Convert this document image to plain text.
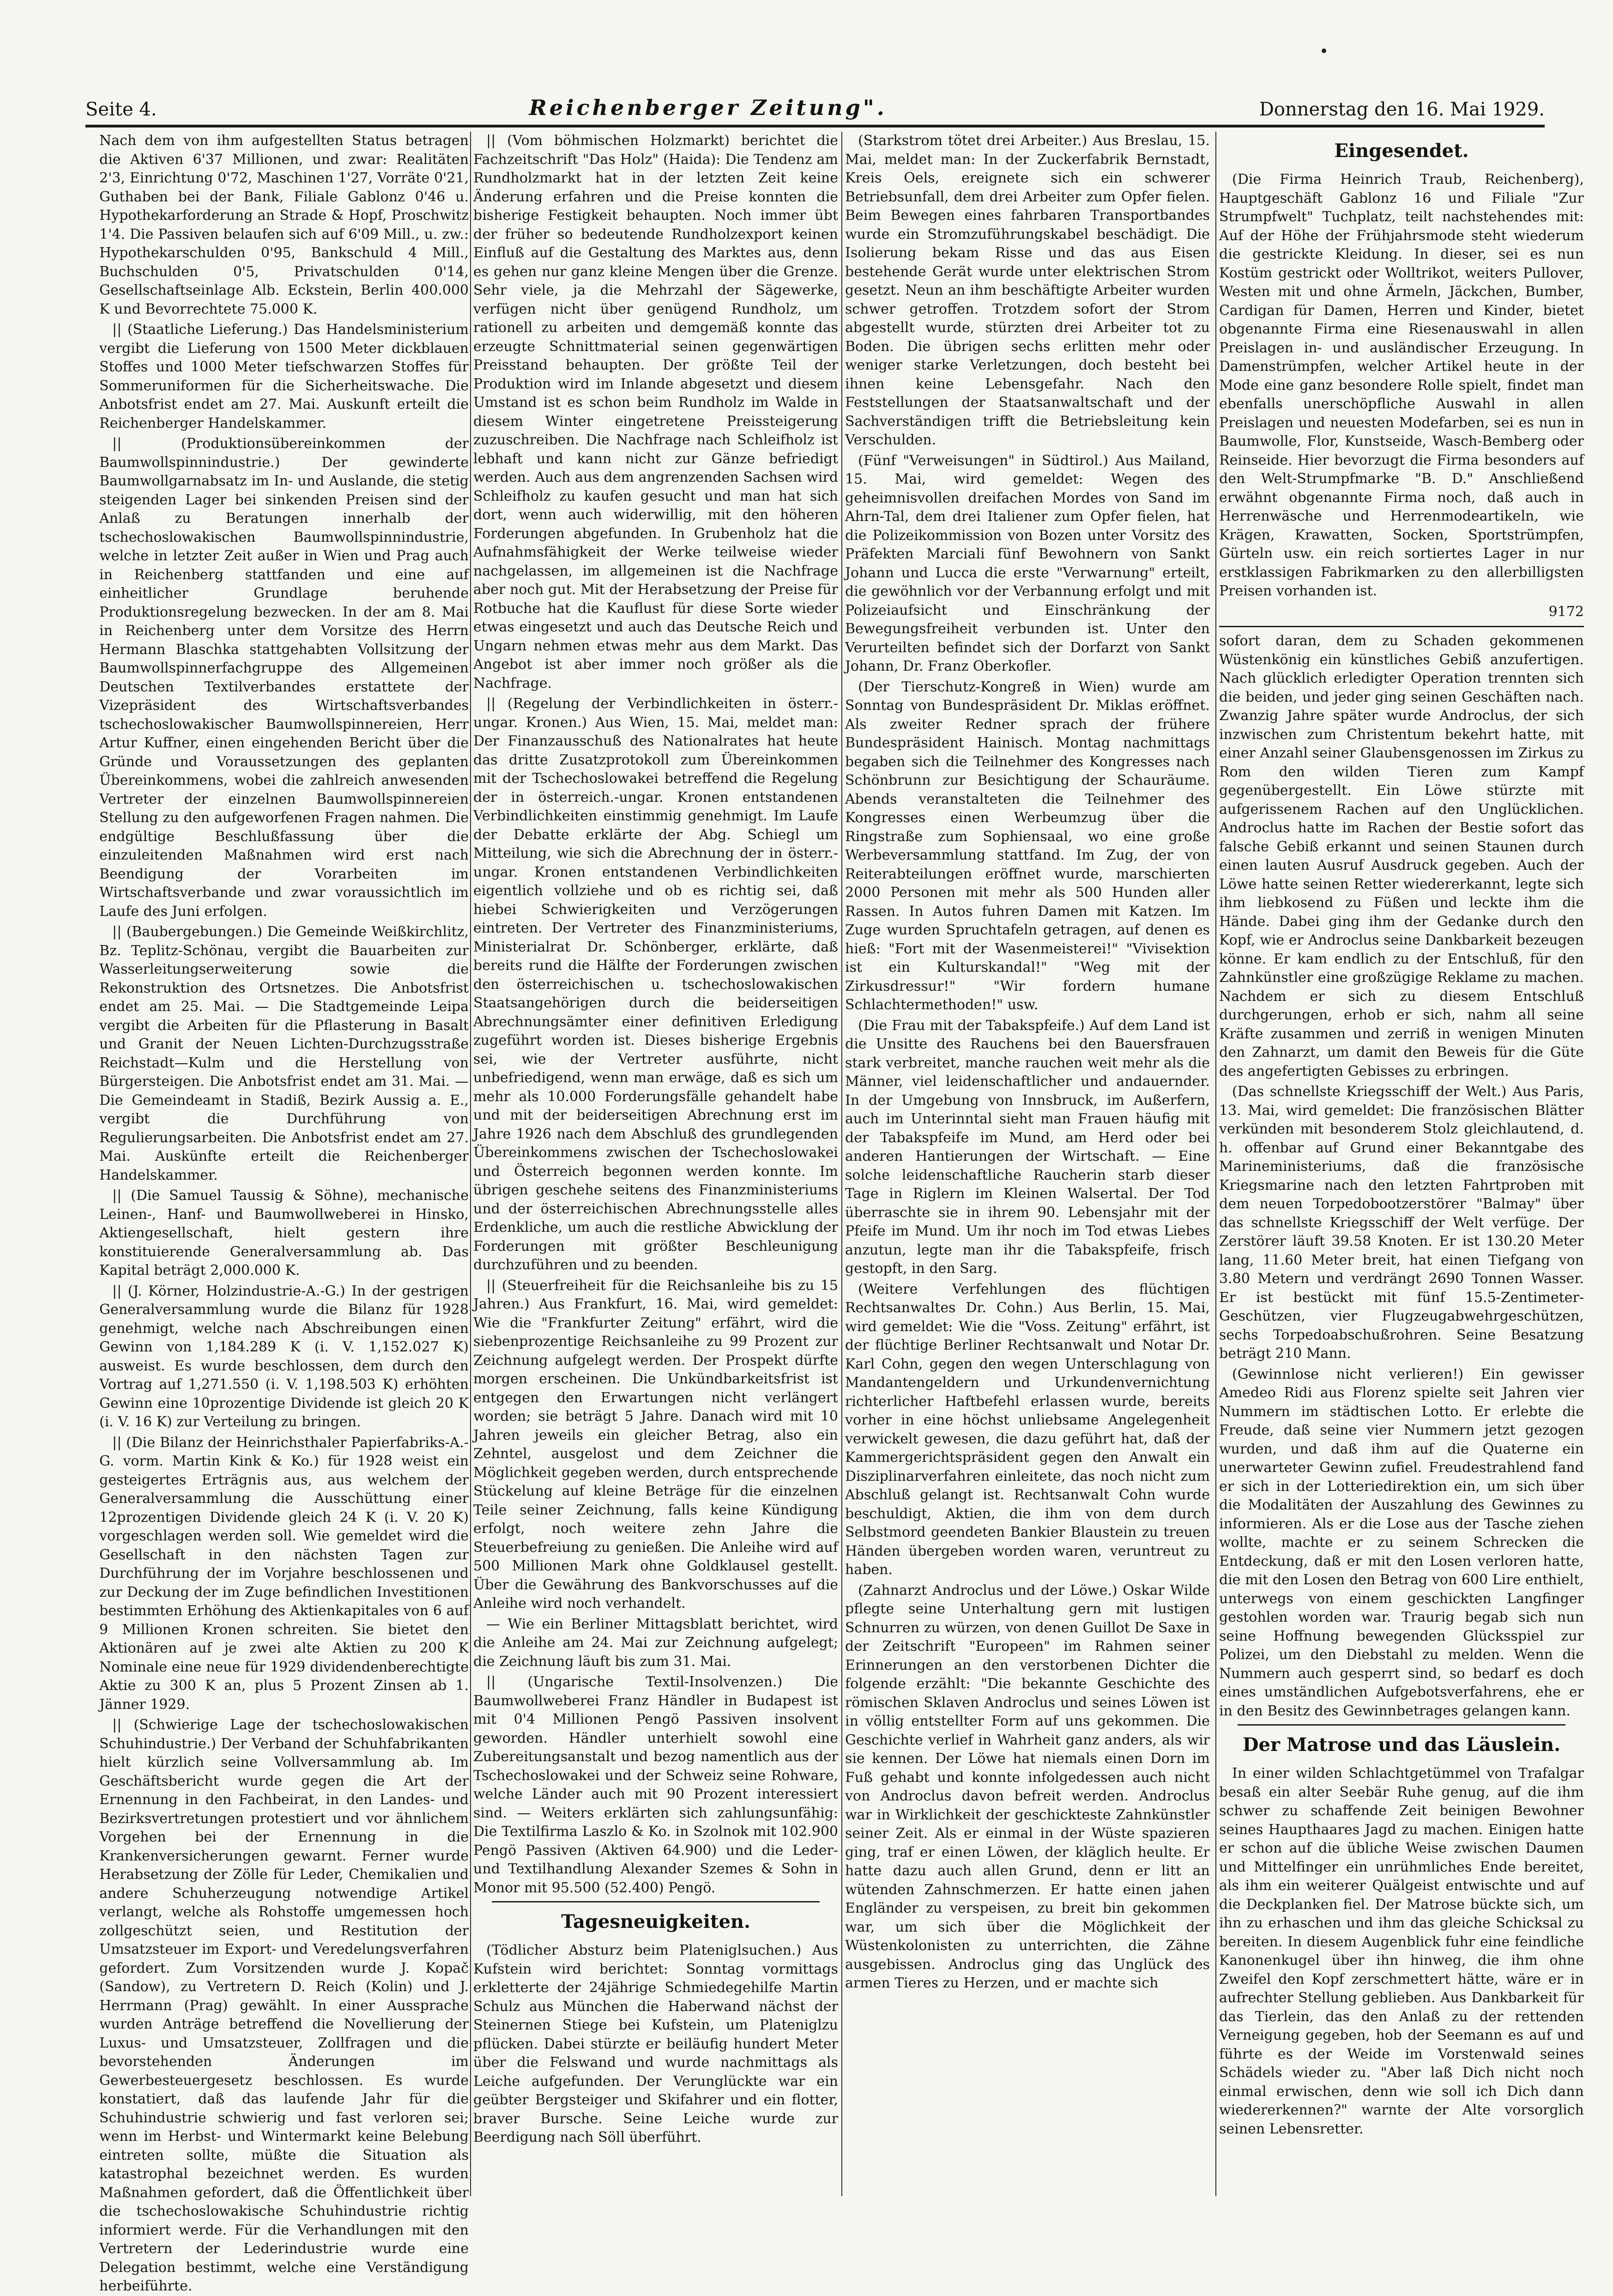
Seite 4.	Reichenberger Zeitung".	Donnerstag den 16. Mai 1929.

Nach dem von ihm aufgestellten Status betragen die Aktiven 6'37 Millionen, und zwar: Realitäten 2'3, Einrichtung 0'72, Maschinen 1'27, Vorräte 0'21, Guthaben bei der Bank, Filiale Gablonz 0'46 u. Hypothekarforderung an Strade & Hopf, Proschwitz 1'4. Die Passiven belaufen sich auf 6'09 Mill., u. zw.: Hypothekarschulden 0'95, Bankschuld 4 Mill., Buchschulden 0'5, Privatschulden 0'14, Gesellschaftseinlage Alb. Eckstein, Berlin 400.000 K und Bevorrechtete 75.000 K.

|| (Staatliche Lieferung.) Das Handelsministerium vergibt die Lieferung von 1500 Meter dickblauen Stoffes und 1000 Meter tiefschwarzen Stoffes für Sommeruniformen für die Sicherheitswache. Die Anbotsfrist endet am 27. Mai. Auskunft erteilt die Reichenberger Handelskammer.

|| (Produktionsübereinkommen der Baumwollspinnindustrie.) Der gewinderte Baumwollgarnabsatz im In- und Auslande, die stetig steigenden Lager bei sinkenden Preisen sind der Anlaß zu Beratungen innerhalb der tschechoslowakischen Baumwollspinnindustrie, welche in letzter Zeit außer in Wien und Prag auch in Reichenberg stattfanden und eine auf einheitlicher Grundlage beruhende Produktionsregelung bezwecken. In der am 8. Mai in Reichenberg unter dem Vorsitze des Herrn Hermann Blaschka stattgehabten Vollsitzung der Baumwollspinnerfachgruppe des Allgemeinen Deutschen Textilverbandes erstattete der Vizepräsident des Wirtschaftsverbandes tschechoslowakischer Baumwollspinnereien, Herr Artur Kuffner, einen eingehenden Bericht über die Gründe und Voraussetzungen des geplanten Übereinkommens, wobei die zahlreich anwesenden Vertreter der einzelnen Baumwollspinnereien Stellung zu den aufgeworfenen Fragen nahmen. Die endgültige Beschlußfassung über die einzuleitenden Maßnahmen wird erst nach Beendigung der Vorarbeiten im Wirtschaftsverbande und zwar voraussichtlich im Laufe des Juni erfolgen.

|| (Baubergebungen.) Die Gemeinde Weißkirchlitz, Bz. Teplitz-Schönau, vergibt die Bauarbeiten zur Wasserleitungserweiterung sowie die Rekonstruktion des Ortsnetzes. Die Anbotsfrist endet am 25. Mai. — Die Stadtgemeinde Leipa vergibt die Arbeiten für die Pflasterung in Basalt und Granit der Neuen Lichten-Durchzugsstraße Reichstadt—Kulm und die Herstellung von Bürgersteigen. Die Anbotsfrist endet am 31. Mai. — Die Gemeindeamt in Stadiß, Bezirk Aussig a. E., vergibt die Durchführung von Regulierungsarbeiten. Die Anbotsfrist endet am 27. Mai. Auskünfte erteilt die Reichenberger Handelskammer.

|| (Die Samuel Taussig & Söhne), mechanische Leinen-, Hanf- und Baumwollweberei in Hinsko, Aktiengesellschaft, hielt gestern ihre konstituierende Generalversammlung ab. Das Kapital beträgt 2,000.000 K.

|| (J. Körner, Holzindustrie-A.-G.) In der gestrigen Generalversammlung wurde die Bilanz für 1928 genehmigt, welche nach Abschreibungen einen Gewinn von 1,184.289 K (i. V. 1,152.027 K) ausweist. Es wurde beschlossen, dem durch den Vortrag auf 1,271.550 (i. V. 1,198.503 K) erhöhten Gewinn eine 10prozentige Dividende ist gleich 20 K (i. V. 16 K) zur Verteilung zu bringen.

|| (Die Bilanz der Heinrichsthaler Papierfabriks-A.-G. vorm. Martin Kink & Ko.) für 1928 weist ein gesteigertes Erträgnis aus, aus welchem der Generalversammlung die Ausschüttung einer 12prozentigen Dividende gleich 24 K (i. V. 20 K) vorgeschlagen werden soll. Wie gemeldet wird die Gesellschaft in den nächsten Tagen zur Durchführung der im Vorjahre beschlossenen und zur Deckung der im Zuge befindlichen Investitionen bestimmten Erhöhung des Aktienkapitales von 6 auf 9 Millionen Kronen schreiten. Sie bietet den Aktionären auf je zwei alte Aktien zu 200 K Nominale eine neue für 1929 dividendenberechtigte Aktie zu 300 K an, plus 5 Prozent Zinsen ab 1. Jänner 1929.

|| (Schwierige Lage der tschechoslowakischen Schuhindustrie.) Der Verband der Schuhfabrikanten hielt kürzlich seine Vollversammlung ab. Im Geschäftsbericht wurde gegen die Art der Ernennung in den Fachbeirat, in den Landes- und Bezirksvertretungen protestiert und vor ähnlichem Vorgehen bei der Ernennung in die Krankenversicherungen gewarnt. Ferner wurde Herabsetzung der Zölle für Leder, Chemikalien und andere Schuherzeugung notwendige Artikel verlangt, welche als Rohstoffe umgemessen hoch zollgeschützt seien, und Restitution der Umsatzsteuer im Export- und Veredelungsverfahren gefordert. Zum Vorsitzenden wurde J. Kopač (Sandow), zu Vertretern D. Reich (Kolin) und J. Herrmann (Prag) gewählt. In einer Aussprache wurden Anträge betreffend die Novellierung der Luxus- und Umsatzsteuer, Zollfragen und die bevorstehenden Änderungen im Gewerbesteuergesetz beschlossen. Es wurde konstatiert, daß das laufende Jahr für die Schuhindustrie schwierig und fast verloren sei; wenn im Herbst- und Wintermarkt keine Belebung eintreten sollte, müßte die Situation als katastrophal bezeichnet werden. Es wurden Maßnahmen gefordert, daß die Öffentlichkeit über die tschechoslowakische Schuhindustrie richtig informiert werde. Für die Verhandlungen mit den Vertretern der Lederindustrie wurde eine Delegation bestimmt, welche eine Verständigung herbeiführte.

|| (Vom böhmischen Holzmarkt) berichtet die Fachzeitschrift "Das Holz" (Haida): Die Tendenz am Rundholzmarkt hat in der letzten Zeit keine Änderung erfahren und die Preise konnten die bisherige Festigkeit behaupten. Noch immer übt der früher so bedeutende Rundholzexport keinen Einfluß auf die Gestaltung des Marktes aus, denn es gehen nur ganz kleine Mengen über die Grenze. Sehr viele, ja die Mehrzahl der Sägewerke, verfügen nicht über genügend Rundholz, um rationell zu arbeiten und demgemäß konnte das erzeugte Schnittmaterial seinen gegenwärtigen Preisstand behaupten. Der größte Teil der Produktion wird im Inlande abgesetzt und diesem Umstand ist es schon beim Rundholz im Walde in diesem Winter eingetretene Preissteigerung zuzuschreiben. Die Nachfrage nach Schleifholz ist lebhaft und kann nicht zur Gänze befriedigt werden. Auch aus dem angrenzenden Sachsen wird Schleifholz zu kaufen gesucht und man hat sich dort, wenn auch widerwillig, mit den höheren Forderungen abgefunden. In Grubenholz hat die Aufnahmsfähigkeit der Werke teilweise wieder nachgelassen, im allgemeinen ist die Nachfrage aber noch gut. Mit der Herabsetzung der Preise für Rotbuche hat die Kauflust für diese Sorte wieder etwas eingesetzt und auch das Deutsche Reich und Ungarn nehmen etwas mehr aus dem Markt. Das Angebot ist aber immer noch größer als die Nachfrage.

|| (Regelung der Verbindlichkeiten in österr.-ungar. Kronen.) Aus Wien, 15. Mai, meldet man: Der Finanzausschuß des Nationalrates hat heute das dritte Zusatzprotokoll zum Übereinkommen mit der Tschechoslowakei betreffend die Regelung der in österreich.-ungar. Kronen entstandenen Verbindlichkeiten einstimmig genehmigt. Im Laufe der Debatte erklärte der Abg. Schiegl um Mitteilung, wie sich die Abrechnung der in österr.-ungar. Kronen entstandenen Verbindlichkeiten eigentlich vollziehe und ob es richtig sei, daß hiebei Schwierigkeiten und Verzögerungen eintreten. Der Vertreter des Finanzministeriums, Ministerialrat Dr. Schönberger, erklärte, daß bereits rund die Hälfte der Forderungen zwischen den österreichischen u. tschechoslowakischen Staatsangehörigen durch die beiderseitigen Abrechnungsämter einer definitiven Erledigung zugeführt worden ist. Dieses bisherige Ergebnis sei, wie der Vertreter ausführte, nicht unbefriedigend, wenn man erwäge, daß es sich um mehr als 10.000 Forderungsfälle gehandelt habe und mit der beiderseitigen Abrechnung erst im Jahre 1926 nach dem Abschluß des grundlegenden Übereinkommens zwischen der Tschechoslowakei und Österreich begonnen werden konnte. Im übrigen geschehe seitens des Finanzministeriums und der österreichischen Abrechnungsstelle alles Erdenkliche, um auch die restliche Abwicklung der Forderungen mit größter Beschleunigung durchzuführen und zu beenden.

|| (Steuerfreiheit für die Reichsanleihe bis zu 15 Jahren.) Aus Frankfurt, 16. Mai, wird gemeldet: Wie die "Frankfurter Zeitung" erfährt, wird die siebenprozentige Reichsanleihe zu 99 Prozent zur Zeichnung aufgelegt werden. Der Prospekt dürfte morgen erscheinen. Die Unkündbarkeitsfrist ist entgegen den Erwartungen nicht verlängert worden; sie beträgt 5 Jahre. Danach wird mit 10 Jahren jeweils ein gleicher Betrag, also ein Zehntel, ausgelost und dem Zeichner die Möglichkeit gegeben werden, durch entsprechende Stückelung auf kleine Beträge für die einzelnen Teile seiner Zeichnung, falls keine Kündigung erfolgt, noch weitere zehn Jahre die Steuerbefreiung zu genießen. Die Anleihe wird auf 500 Millionen Mark ohne Goldklausel gestellt. Über die Gewährung des Bankvorschusses auf die Anleihe wird noch verhandelt.

— Wie ein Berliner Mittagsblatt berichtet, wird die Anleihe am 24. Mai zur Zeichnung aufgelegt; die Zeichnung läuft bis zum 31. Mai.

|| (Ungarische Textil-Insolvenzen.) Die Baumwollweberei Franz Händler in Budapest ist mit 0'4 Millionen Pengö Passiven insolvent geworden. Händler unterhielt sowohl eine Zubereitungsanstalt und bezog namentlich aus der Tschechoslowakei und der Schweiz seine Rohware, welche Länder auch mit 90 Prozent interessiert sind. — Weiters erklärten sich zahlungsunfähig: Die Textilfirma Laszlo & Ko. in Szolnok mit 102.900 Pengö Passiven (Aktiven 64.900) und die Leder- und Textilhandlung Alexander Szemes & Sohn in Monor mit 95.500 (52.400) Pengö.

Tagesneuigkeiten.

(Tödlicher Absturz beim Plateniglsuchen.) Aus Kufstein wird berichtet: Sonntag vormittags erkletterte der 24jährige Schmiedegehilfe Martin Schulz aus München die Haberwand nächst der Steinernen Stiege bei Kufstein, um Plateniglzu pflücken. Dabei stürzte er beiläufig hundert Meter über die Felswand und wurde nachmittags als Leiche aufgefunden. Der Verunglückte war ein geübter Bergsteiger und Skifahrer und ein flotter, braver Bursche. Seine Leiche wurde zur Beerdigung nach Söll überführt.

(Starkstrom tötet drei Arbeiter.) Aus Breslau, 15. Mai, meldet man: In der Zuckerfabrik Bernstadt, Kreis Oels, ereignete sich ein schwerer Betriebsunfall, dem drei Arbeiter zum Opfer fielen. Beim Bewegen eines fahrbaren Transportbandes wurde ein Stromzuführungskabel beschädigt. Die Isolierung bekam Risse und das aus Eisen bestehende Gerät wurde unter elektrischen Strom gesetzt. Neun an ihm beschäftigte Arbeiter wurden schwer getroffen. Trotzdem sofort der Strom abgestellt wurde, stürzten drei Arbeiter tot zu Boden. Die übrigen sechs erlitten mehr oder weniger starke Verletzungen, doch besteht bei ihnen keine Lebensgefahr. Nach den Feststellungen der Staatsanwaltschaft und der Sachverständigen trifft die Betriebsleitung kein Verschulden.

(Fünf "Verweisungen" in Südtirol.) Aus Mailand, 15. Mai, wird gemeldet: Wegen des geheimnisvollen dreifachen Mordes von Sand im Ahrn-Tal, dem drei Italiener zum Opfer fielen, hat die Polizeikommission von Bozen unter Vorsitz des Präfekten Marciali fünf Bewohnern von Sankt Johann und Lucca die erste "Verwarnung" erteilt, die gewöhnlich vor der Verbannung erfolgt und mit Polizeiaufsicht und Einschränkung der Bewegungsfreiheit verbunden ist. Unter den Verurteilten befindet sich der Dorfarzt von Sankt Johann, Dr. Franz Oberkofler.

(Der Tierschutz-Kongreß in Wien) wurde am Sonntag von Bundespräsident Dr. Miklas eröffnet. Als zweiter Redner sprach der frühere Bundespräsident Hainisch. Montag nachmittags begaben sich die Teilnehmer des Kongresses nach Schönbrunn zur Besichtigung der Schauräume. Abends veranstalteten die Teilnehmer des Kongresses einen Werbeumzug über die Ringstraße zum Sophiensaal, wo eine große Werbeversammlung stattfand. Im Zug, der von Reiterabteilungen eröffnet wurde, marschierten 2000 Personen mit mehr als 500 Hunden aller Rassen. In Autos fuhren Damen mit Katzen. Im Zuge wurden Spruchtafeln getragen, auf denen es hieß: "Fort mit der Wasenmeisterei!" "Vivisektion ist ein Kulturskandal!" "Weg mit der Zirkusdressur!" "Wir fordern humane Schlachtermethoden!" usw.

(Die Frau mit der Tabakspfeife.) Auf dem Land ist die Unsitte des Rauchens bei den Bauersfrauen stark verbreitet, manche rauchen weit mehr als die Männer, viel leidenschaftlicher und andauernder. In der Umgebung von Innsbruck, im Außerfern, auch im Unterinntal sieht man Frauen häufig mit der Tabakspfeife im Mund, am Herd oder bei anderen Hantierungen der Wirtschaft. — Eine solche leidenschaftliche Raucherin starb dieser Tage in Riglern im Kleinen Walsertal. Der Tod überraschte sie in ihrem 90. Lebensjahr mit der Pfeife im Mund. Um ihr noch im Tod etwas Liebes anzutun, legte man ihr die Tabakspfeife, frisch gestopft, in den Sarg.

(Weitere Verfehlungen des flüchtigen Rechtsanwaltes Dr. Cohn.) Aus Berlin, 15. Mai, wird gemeldet: Wie die "Voss. Zeitung" erfährt, ist der flüchtige Berliner Rechtsanwalt und Notar Dr. Karl Cohn, gegen den wegen Unterschlagung von Mandantengeldern und Urkundenvernichtung richterlicher Haftbefehl erlassen wurde, bereits vorher in eine höchst unliebsame Angelegenheit verwickelt gewesen, die dazu geführt hat, daß der Kammergerichtspräsident gegen den Anwalt ein Disziplinarverfahren einleitete, das noch nicht zum Abschluß gelangt ist. Rechtsanwalt Cohn wurde beschuldigt, Aktien, die ihm von dem durch Selbstmord geendeten Bankier Blaustein zu treuen Händen übergeben worden waren, veruntreut zu haben.

(Zahnarzt Androclus und der Löwe.) Oskar Wilde pflegte seine Unterhaltung gern mit lustigen Schnurren zu würzen, von denen Guillot De Saxe in der Zeitschrift "Europeen" im Rahmen seiner Erinnerungen an den verstorbenen Dichter die folgende erzählt: "Die bekannte Geschichte des römischen Sklaven Androclus und seines Löwen ist in völlig entstellter Form auf uns gekommen. Die Geschichte verlief in Wahrheit ganz anders, als wir sie kennen. Der Löwe hat niemals einen Dorn im Fuß gehabt und konnte infolgedessen auch nicht von Androclus davon befreit werden. Androclus war in Wirklichkeit der geschickteste Zahnkünstler seiner Zeit. Als er einmal in der Wüste spazieren ging, traf er einen Löwen, der kläglich heulte. Er hatte dazu auch allen Grund, denn er litt an wütenden Zahnschmerzen. Er hatte einen jahen Engländer zu verspeisen, zu breit bin gekommen war, um sich über die Möglichkeit der Wüstenkolonisten zu unterrichten, die Zähne ausgebissen. Androclus ging das Unglück des armen Tieres zu Herzen, und er machte sich

Eingesendet.

(Die Firma Heinrich Traub, Reichenberg), Hauptgeschäft Gablonz 16 und Filiale "Zur Strumpfwelt" Tuchplatz, teilt nachstehendes mit: Auf der Höhe der Frühjahrsmode steht wiederum die gestrickte Kleidung. In dieser, sei es nun Kostüm gestrickt oder Wolltrikot, weiters Pullover, Westen mit und ohne Ärmeln, Jäckchen, Bumber, Cardigan für Damen, Herren und Kinder, bietet obgenannte Firma eine Riesenauswahl in allen Preislagen in- und ausländischer Erzeugung. In Damenstrümpfen, welcher Artikel heute in der Mode eine ganz besondere Rolle spielt, findet man ebenfalls unerschöpfliche Auswahl in allen Preislagen und neuesten Modefarben, sei es nun in Baumwolle, Flor, Kunstseide, Wasch-Bemberg oder Reinseide. Hier bevorzugt die Firma besonders auf den Welt-Strumpfmarke "B. D." Anschließend erwähnt obgenannte Firma noch, daß auch in Herrenwäsche und Herrenmodeartikeln, wie Krägen, Krawatten, Socken, Sportstrümpfen, Gürteln usw. ein reich sortiertes Lager in nur erstklassigen Fabrikmarken zu den allerbilligsten Preisen vorhanden ist.

9172

sofort daran, dem zu Schaden gekommenen Wüstenkönig ein künstliches Gebiß anzufertigen. Nach glücklich erledigter Operation trennten sich die beiden, und jeder ging seinen Geschäften nach. Zwanzig Jahre später wurde Androclus, der sich inzwischen zum Christentum bekehrt hatte, mit einer Anzahl seiner Glaubensgenossen im Zirkus zu Rom den wilden Tieren zum Kampf gegenübergestellt. Ein Löwe stürzte mit aufgerissenem Rachen auf den Unglücklichen. Androclus hatte im Rachen der Bestie sofort das falsche Gebiß erkannt und seinen Staunen durch einen lauten Ausruf Ausdruck gegeben. Auch der Löwe hatte seinen Retter wiedererkannt, legte sich ihm liebkosend zu Füßen und leckte ihm die Hände. Dabei ging ihm der Gedanke durch den Kopf, wie er Androclus seine Dankbarkeit bezeugen könne. Er kam endlich zu der Entschluß, für den Zahnkünstler eine großzügige Reklame zu machen. Nachdem er sich zu diesem Entschluß durchgerungen, erhob er sich, nahm all seine Kräfte zusammen und zerriß in wenigen Minuten den Zahnarzt, um damit den Beweis für die Güte des angefertigten Gebisses zu erbringen.

(Das schnellste Kriegsschiff der Welt.) Aus Paris, 13. Mai, wird gemeldet: Die französischen Blätter verkünden mit besonderem Stolz gleichlautend, d. h. offenbar auf Grund einer Bekanntgabe des Marineministeriums, daß die französische Kriegsmarine nach den letzten Fahrtproben mit dem neuen Torpedobootzerstörer "Balmay" über das schnellste Kriegsschiff der Welt verfüge. Der Zerstörer läuft 39.58 Knoten. Er ist 130.20 Meter lang, 11.60 Meter breit, hat einen Tiefgang von 3.80 Metern und verdrängt 2690 Tonnen Wasser. Er ist bestückt mit fünf 15.5-Zentimeter-Geschützen, vier Flugzeugabwehrgeschützen, sechs Torpedoabschußrohren. Seine Besatzung beträgt 210 Mann.

(Gewinnlose nicht verlieren!) Ein gewisser Amedeo Ridi aus Florenz spielte seit Jahren vier Nummern im städtischen Lotto. Er erlebte die Freude, daß seine vier Nummern jetzt gezogen wurden, und daß ihm auf die Quaterne ein unerwarteter Gewinn zufiel. Freudestrahlend fand er sich in der Lotteriedirektion ein, um sich über die Modalitäten der Auszahlung des Gewinnes zu informieren. Als er die Lose aus der Tasche ziehen wollte, machte er zu seinem Schrecken die Entdeckung, daß er mit den Losen verloren hatte, die mit den Losen den Betrag von 600 Lire enthielt, unterwegs von einem geschickten Langfinger gestohlen worden war. Traurig begab sich nun seine Hoffnung bewegenden Glücksspiel zur Polizei, um den Diebstahl zu melden. Wenn die Nummern auch gesperrt sind, so bedarf es doch eines umständlichen Aufgebotsverfahrens, ehe er in den Besitz des Gewinnbetrages gelangen kann.

Der Matrose und das Läuslein.

In einer wilden Schlachtgetümmel von Trafalgar besaß ein alter Seebär Ruhe genug, auf die ihm schwer zu schaffende Zeit beinigen Bewohner seines Haupthaares Jagd zu machen. Einigen hatte er schon auf die übliche Weise zwischen Daumen und Mittelfinger ein unrühmliches Ende bereitet, als ihm ein weiterer Quälgeist entwischte und auf die Deckplanken fiel. Der Matrose bückte sich, um ihn zu erhaschen und ihm das gleiche Schicksal zu bereiten. In diesem Augenblick fuhr eine feindliche Kanonenkugel über ihn hinweg, die ihm ohne Zweifel den Kopf zerschmettert hätte, wäre er in aufrechter Stellung geblieben. Aus Dankbarkeit für das Tierlein, das den Anlaß zu der rettenden Verneigung gegeben, hob der Seemann es auf und führte es der Weide im Vorstenwald seines Schädels wieder zu. "Aber laß Dich nicht noch einmal erwischen, denn wie soll ich Dich dann wiedererkennen?" warnte der Alte vorsorglich seinen Lebensretter.
